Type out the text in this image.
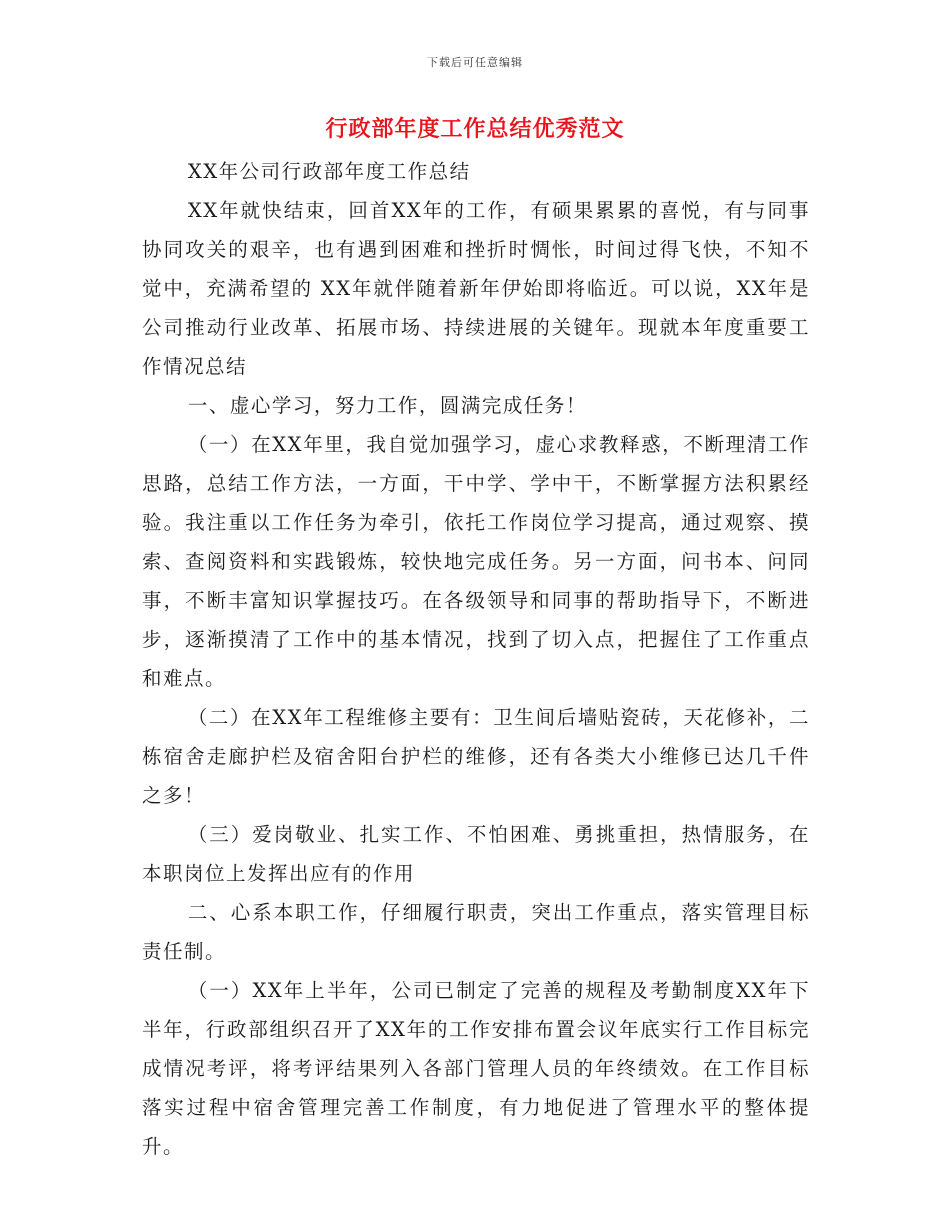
下载后可任意编辑
行政部年度工作总结优秀范文

XX年公司行政部年度工作总结

XX年就快结束，回首XX年的工作，有硕果累累的喜悦，有与同事协同攻关的艰辛，也有遇到困难和挫折时惆怅，时间过得飞快，不知不觉中，充满希望的 XX年就伴随着新年伊始即将临近。可以说，XX年是公司推动行业改革、拓展市场、持续进展的关键年。现就本年度重要工作情况总结

一、虚心学习，努力工作，圆满完成任务！

（一）在XX年里，我自觉加强学习，虚心求教释惑，不断理清工作思路，总结工作方法，一方面，干中学、学中干，不断掌握方法积累经验。我注重以工作任务为牵引，依托工作岗位学习提高，通过观察、摸索、查阅资料和实践锻炼，较快地完成任务。另一方面，问书本、问同事，不断丰富知识掌握技巧。在各级领导和同事的帮助指导下，不断进步，逐渐摸清了工作中的基本情况，找到了切入点，把握住了工作重点和难点。

（二）在XX年工程维修主要有：卫生间后墙贴瓷砖，天花修补，二栋宿舍走廊护栏及宿舍阳台护栏的维修，还有各类大小维修已达几千件之多！

（三）爱岗敬业、扎实工作、不怕困难、勇挑重担，热情服务，在本职岗位上发挥出应有的作用

二、心系本职工作，仔细履行职责，突出工作重点，落实管理目标责任制。

（一）XX年上半年，公司已制定了完善的规程及考勤制度XX年下半年，行政部组织召开了XX年的工作安排布置会议年底实行工作目标完成情况考评，将考评结果列入各部门管理人员的年终绩效。在工作目标落实过程中宿舍管理完善工作制度，有力地促进了管理水平的整体提升。
